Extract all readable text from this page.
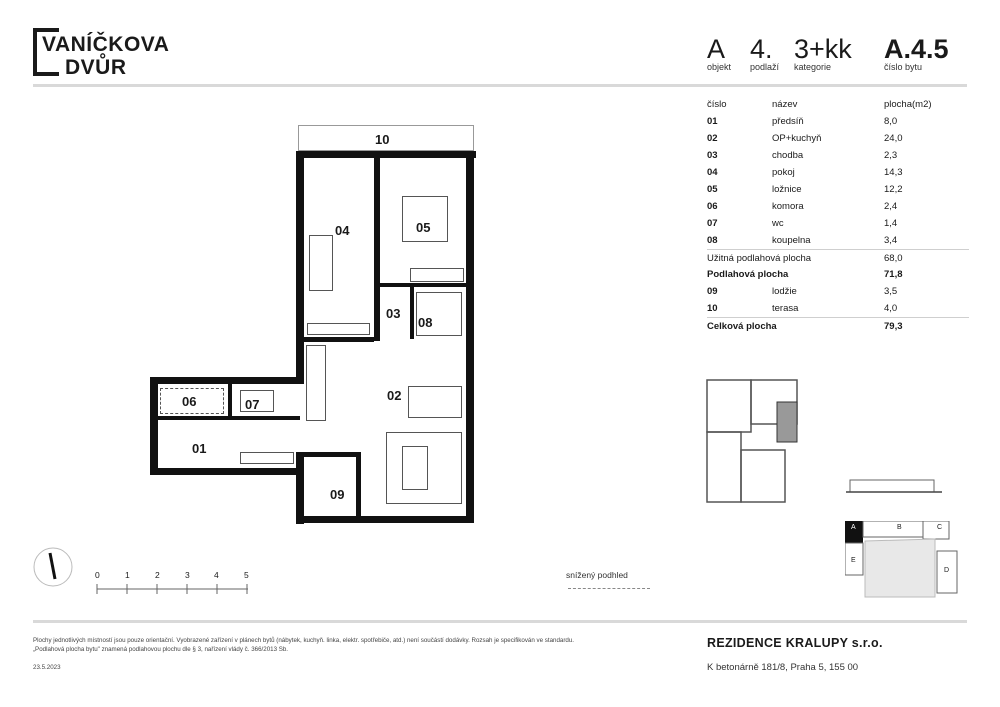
VANÍČKOVA
DVŮR
A
objekt
4.
podlaží
3+kk
kategorie
A.4.5
číslo bytu
číslo	název	plocha(m2)
01	předsíň	8,0
02	OP+kuchyň	24,0
03	chodba	2,3
04	pokoj	14,3
05	ložnice	12,2
06	komora	2,4
07	wc	1,4
08	koupelna	3,4
Užitná podlahová plocha	68,0
Podlahová plocha	71,8
09	lodžie	3,5
10	terasa	4,0
Celková plocha	79,3
10
04	05
03
08
02
06	07
01
09
0	1	2	3	4	5	snížený podhled
A	B	C
E
D
Plochy jednotlivých místností jsou pouze orientační. Vyobrazené zařízení v plánech bytů (nábytek, kuchyň. linka, elektr. spotřebiče, atd.) není součástí dodávky. Rozsah je specifikován ve standardu.
„Podlahová plocha bytu" znamená podlahovou plochu dle § 3, nařízení vlády č. 366/2013 Sb.
23.5.2023
REZIDENCE KRALUPY s.r.o.
K betonárně 181/8, Praha 5, 155 00
